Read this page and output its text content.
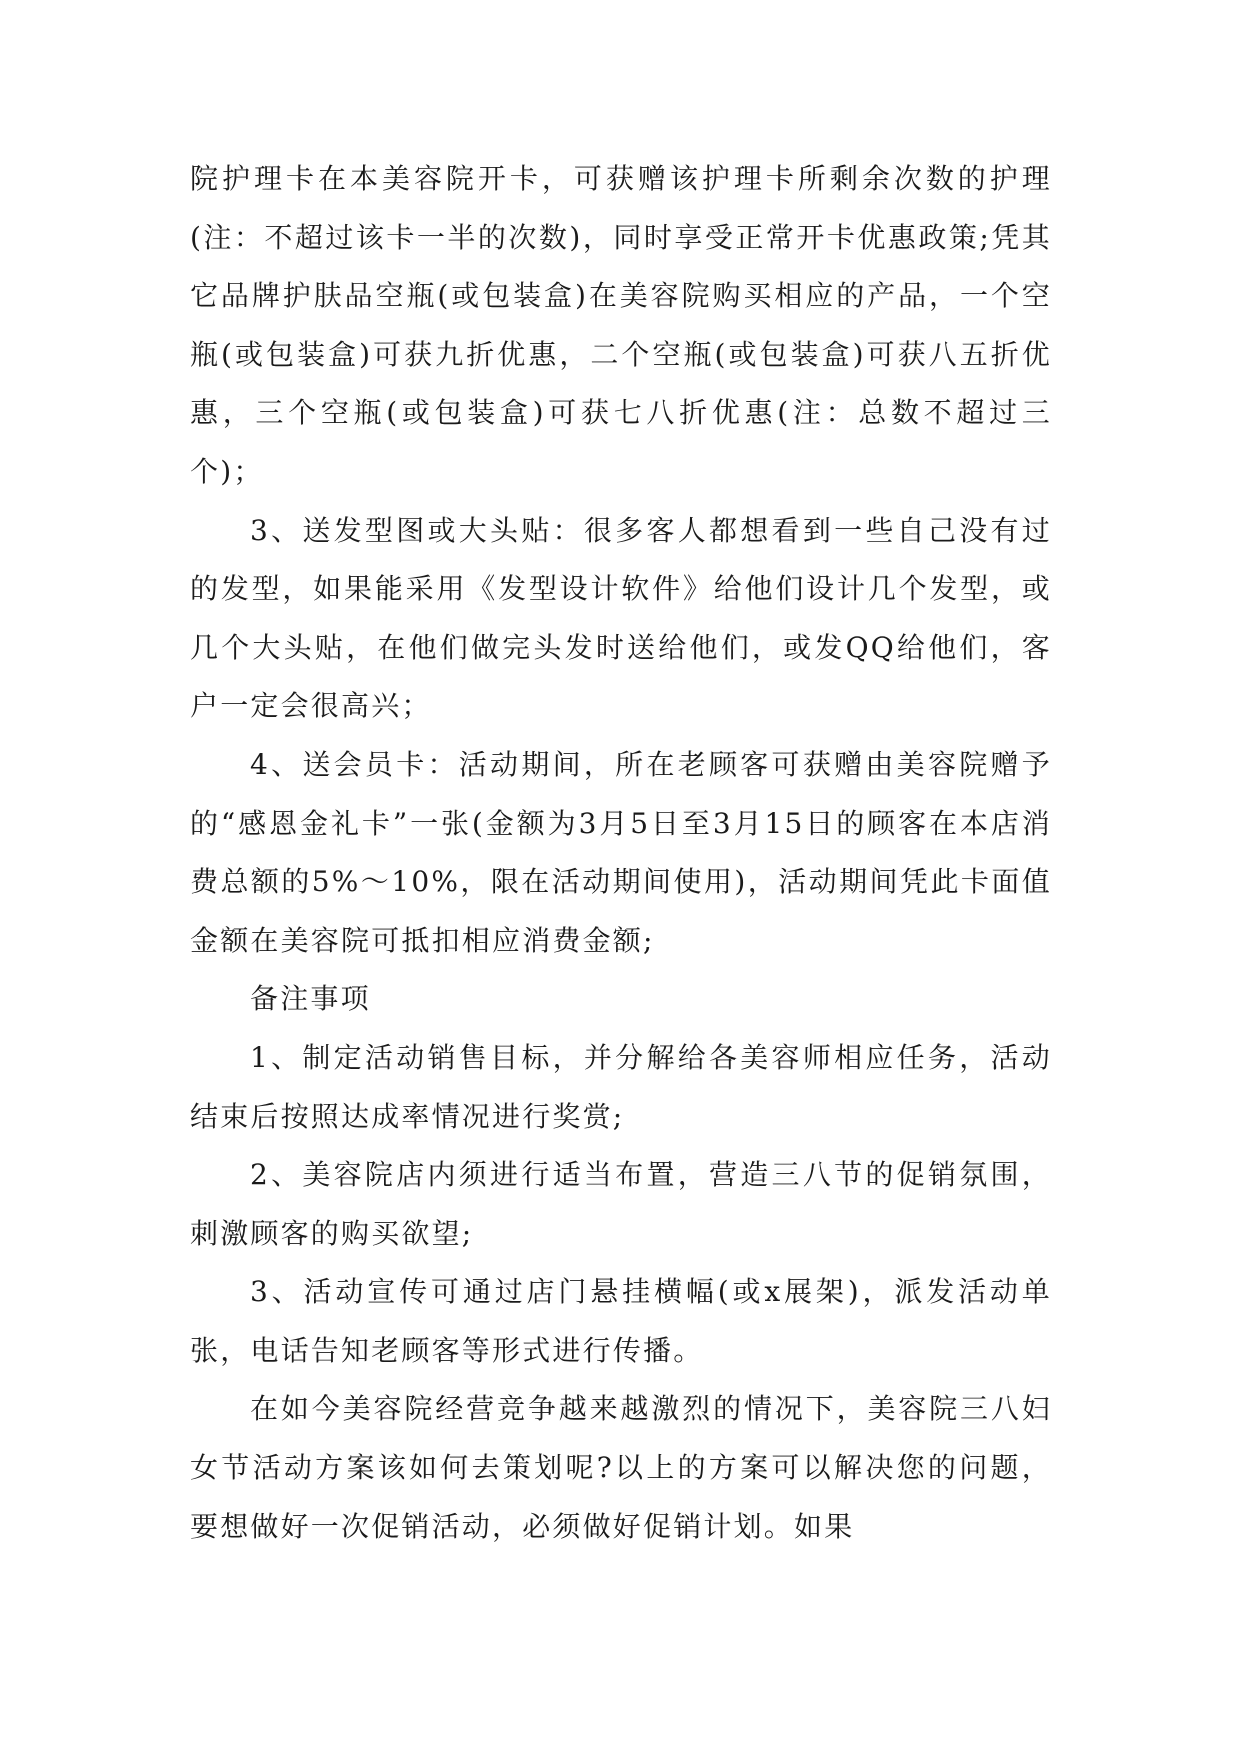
院护理卡在本美容院开卡，可获赠该护理卡所剩余次数的护理(注：不超过该卡一半的次数)，同时享受正常开卡优惠政策;凭其它品牌护肤品空瓶(或包装盒)在美容院购买相应的产品，一个空瓶(或包装盒)可获九折优惠，二个空瓶(或包装盒)可获八五折优惠，三个空瓶(或包装盒)可获七八折优惠(注：总数不超过三个)；

3、送发型图或大头贴：很多客人都想看到一些自己没有过的发型，如果能采用《发型设计软件》给他们设计几个发型，或几个大头贴，在他们做完头发时送给他们，或发QQ给他们，客户一定会很高兴；

4、送会员卡：活动期间，所在老顾客可获赠由美容院赠予的“感恩金礼卡”一张(金额为3月5日至3月15日的顾客在本店消费总额的5%～10%，限在活动期间使用)，活动期间凭此卡面值金额在美容院可抵扣相应消费金额;

备注事项

1、制定活动销售目标，并分解给各美容师相应任务，活动结束后按照达成率情况进行奖赏;

2、美容院店内须进行适当布置，营造三八节的促销氛围，刺激顾客的购买欲望;

3、活动宣传可通过店门悬挂横幅(或x展架)，派发活动单张，电话告知老顾客等形式进行传播。

在如今美容院经营竞争越来越激烈的情况下，美容院三八妇女节活动方案该如何去策划呢?以上的方案可以解决您的问题，要想做好一次促销活动，必须做好促销计划。如果
